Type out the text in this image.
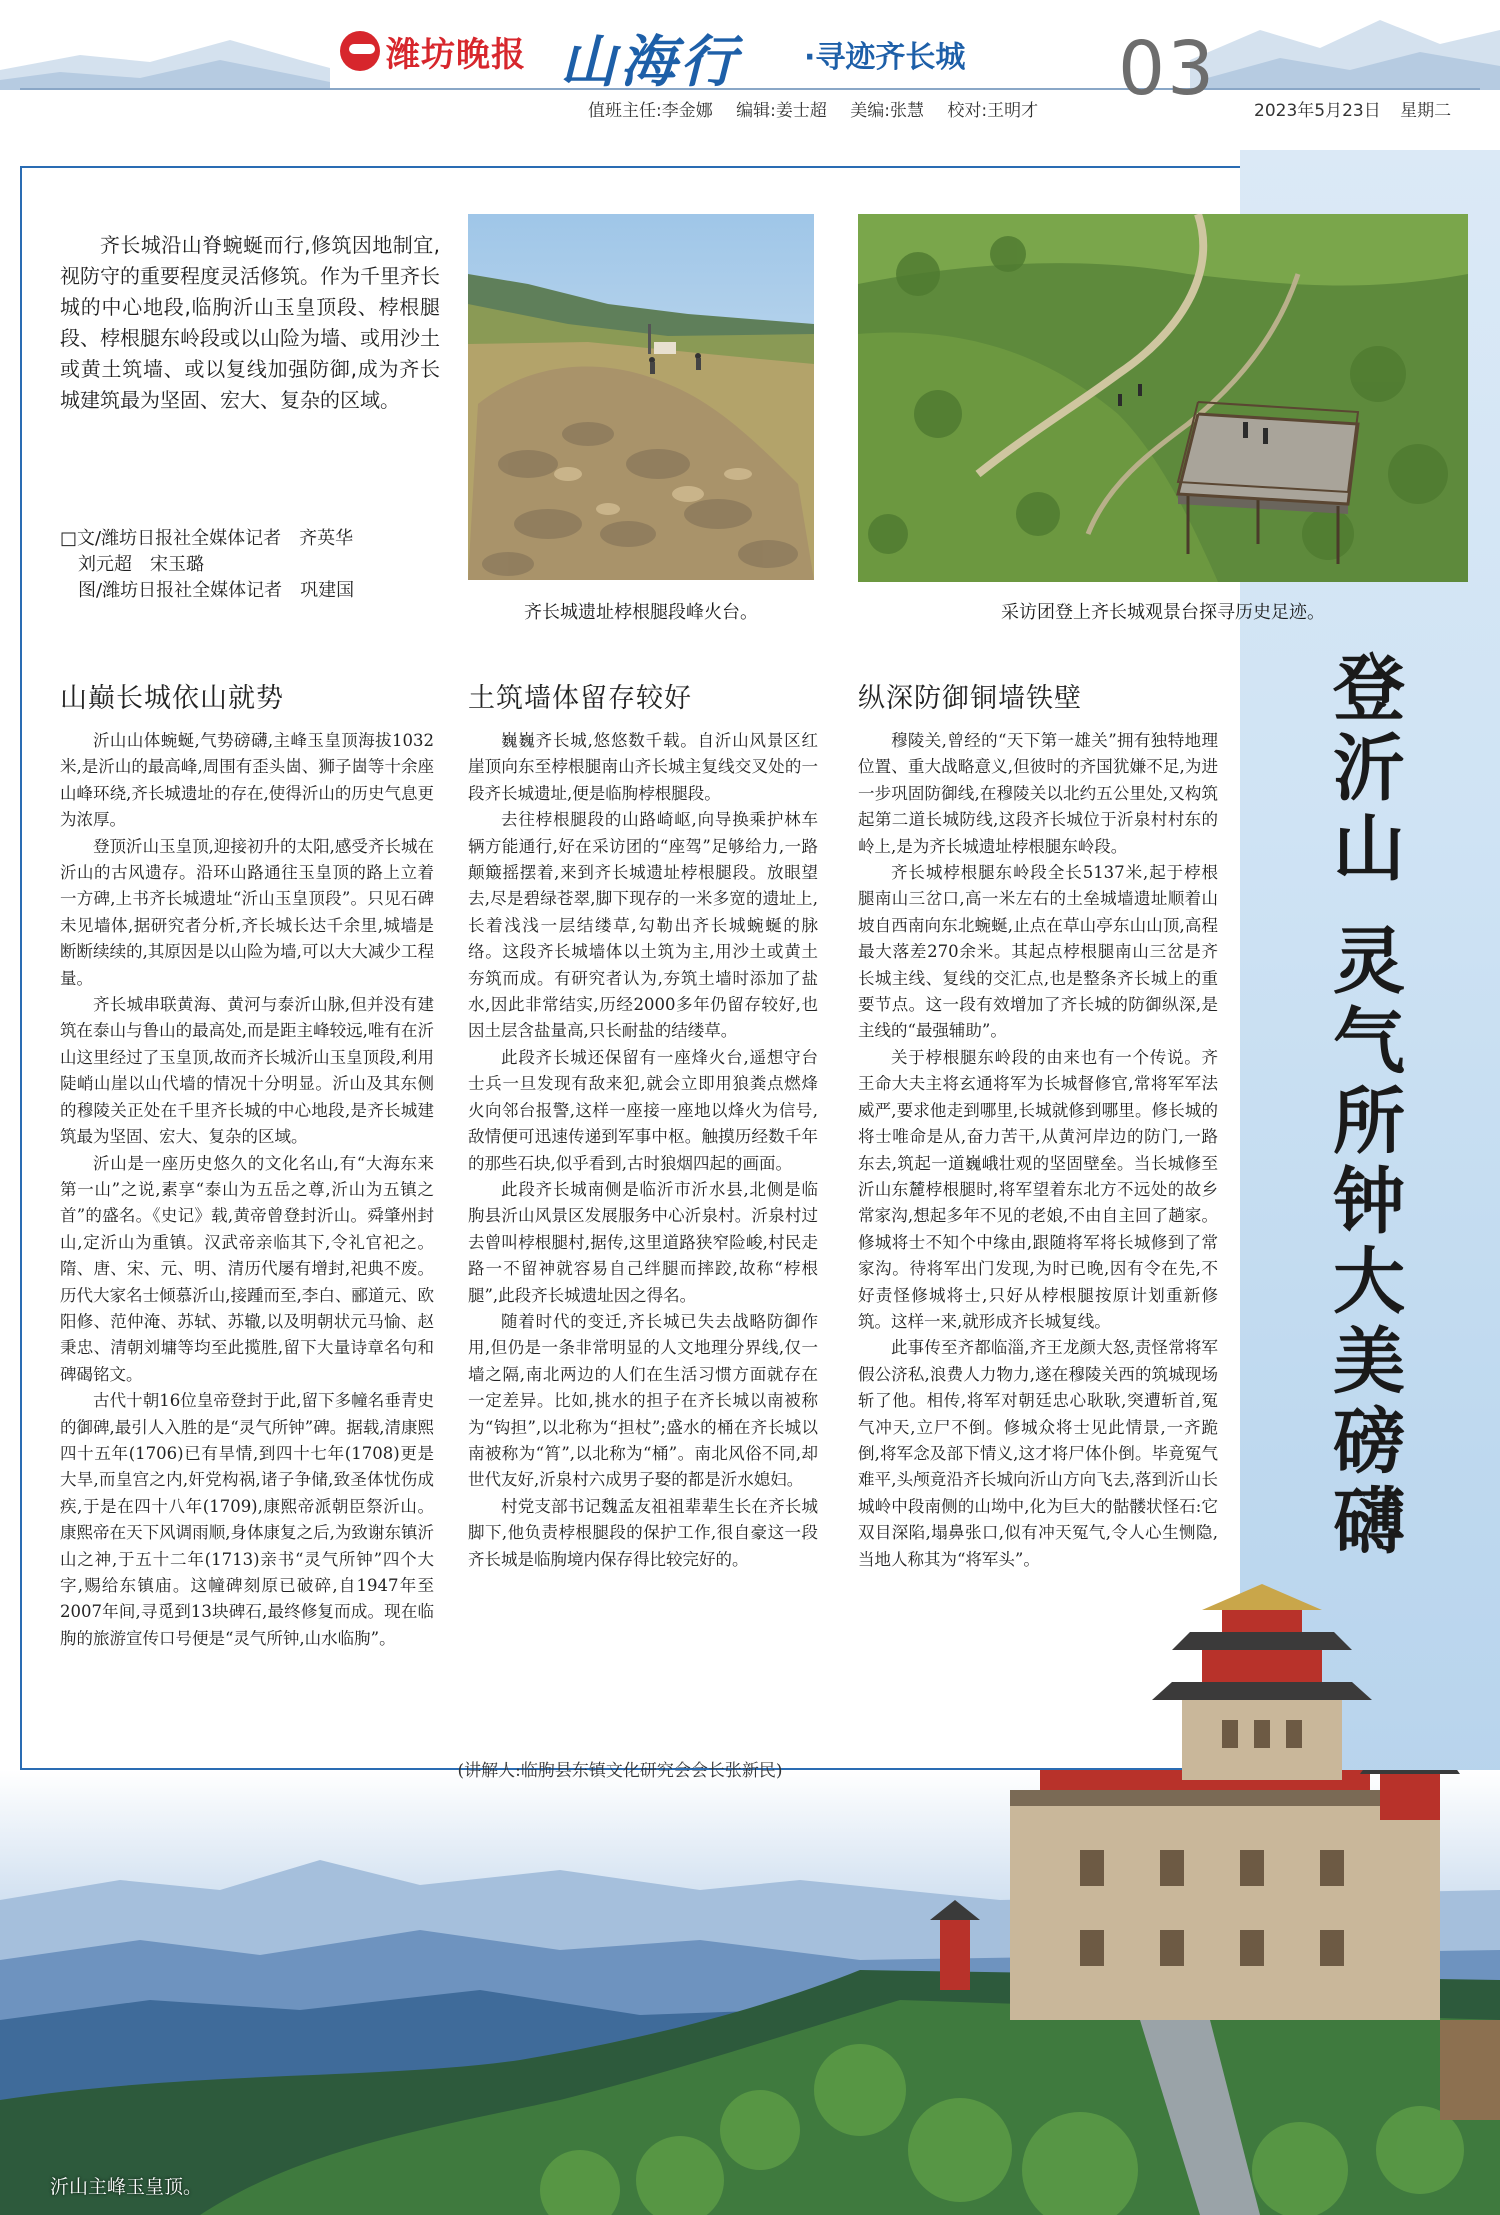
潍坊晚报 山海行 ·寻迹齐长城 03
值班主任:李金娜 编辑:姜士超 美编:张慧 校对:王明才	2023年5月23日 星期二
登沂山 灵气所钟大美磅礴
齐长城沿山脊蜿蜒而行,修筑因地制宜,视防守的重要程度灵活修筑。作为千里齐长城的中心地段,临朐沂山玉皇顶段、桲根腿段、桲根腿东岭段或以山险为墙、或用沙土或黄土筑墙、或以复线加强防御,成为齐长城建筑最为坚固、宏大、复杂的区域。
□文/潍坊日报社全媒体记者　齐英华
刘元超　宋玉璐
图/潍坊日报社全媒体记者　巩建国
齐长城遗址桲根腿段峰火台。	采访团登上齐长城观景台探寻历史足迹。
山巅长城依山就势

沂山山体蜿蜒,气势磅礴,主峰玉皇顶海拔1032米,是沂山的最高峰,周围有歪头崮、狮子崮等十余座山峰环绕,齐长城遗址的存在,使得沂山的历史气息更为浓厚。

登顶沂山玉皇顶,迎接初升的太阳,感受齐长城在沂山的古风遗存。沿环山路通往玉皇顶的路上立着一方碑,上书齐长城遗址“沂山玉皇顶段”。只见石碑未见墙体,据研究者分析,齐长城长达千余里,城墙是断断续续的,其原因是以山险为墙,可以大大减少工程量。

齐长城串联黄海、黄河与泰沂山脉,但并没有建筑在泰山与鲁山的最高处,而是距主峰较远,唯有在沂山这里经过了玉皇顶,故而齐长城沂山玉皇顶段,利用陡峭山崖以山代墙的情况十分明显。沂山及其东侧的穆陵关正处在千里齐长城的中心地段,是齐长城建筑最为坚固、宏大、复杂的区域。

沂山是一座历史悠久的文化名山,有“大海东来第一山”之说,素享“泰山为五岳之尊,沂山为五镇之首”的盛名。《史记》载,黄帝曾登封沂山。舜肇州封山,定沂山为重镇。汉武帝亲临其下,令礼官祀之。隋、唐、宋、元、明、清历代屡有增封,祀典不废。历代大家名士倾慕沂山,接踵而至,李白、郦道元、欧阳修、范仲淹、苏轼、苏辙,以及明朝状元马愉、赵秉忠、清朝刘墉等均至此揽胜,留下大量诗章名句和碑碣铭文。

古代十朝16位皇帝登封于此,留下多幢名垂青史的御碑,最引人入胜的是“灵气所钟”碑。据载,清康熙四十五年(1706)已有旱情,到四十七年(1708)更是大旱,而皇宫之内,奸党构祸,诸子争储,致圣体忧伤成疾,于是在四十八年(1709),康熙帝派朝臣祭沂山。康熙帝在天下风调雨顺,身体康复之后,为致谢东镇沂山之神,于五十二年(1713)亲书“灵气所钟”四个大字,赐给东镇庙。这幢碑刻原已破碎,自1947年至2007年间,寻觅到13块碑石,最终修复而成。现在临朐的旅游宣传口号便是“灵气所钟,山水临朐”。

土筑墙体留存较好

巍巍齐长城,悠悠数千载。自沂山风景区红崖顶向东至桲根腿南山齐长城主复线交叉处的一段齐长城遗址,便是临朐桲根腿段。

去往桲根腿段的山路崎岖,向导换乘护林车辆方能通行,好在采访团的“座驾”足够给力,一路颠簸摇摆着,来到齐长城遗址桲根腿段。放眼望去,尽是碧绿苍翠,脚下现存的一米多宽的遗址上,长着浅浅一层结缕草,勾勒出齐长城蜿蜒的脉络。这段齐长城墙体以土筑为主,用沙土或黄土夯筑而成。有研究者认为,夯筑土墙时添加了盐水,因此非常结实,历经2000多年仍留存较好,也因土层含盐量高,只长耐盐的结缕草。

此段齐长城还保留有一座烽火台,遥想守台士兵一旦发现有敌来犯,就会立即用狼粪点燃烽火向邻台报警,这样一座接一座地以烽火为信号,敌情便可迅速传递到军事中枢。触摸历经数千年的那些石块,似乎看到,古时狼烟四起的画面。

此段齐长城南侧是临沂市沂水县,北侧是临朐县沂山风景区发展服务中心沂泉村。沂泉村过去曾叫桲根腿村,据传,这里道路狭窄险峻,村民走路一不留神就容易自己绊腿而摔跤,故称“桲根腿”,此段齐长城遗址因之得名。

随着时代的变迁,齐长城已失去战略防御作用,但仍是一条非常明显的人文地理分界线,仅一墙之隔,南北两边的人们在生活习惯方面就存在一定差异。比如,挑水的担子在齐长城以南被称为“钩担”,以北称为“担杖”;盛水的桶在齐长城以南被称为“筲”,以北称为“桶”。南北风俗不同,却世代友好,沂泉村六成男子娶的都是沂水媳妇。

村党支部书记魏孟友祖祖辈辈生长在齐长城脚下,他负责桲根腿段的保护工作,很自豪这一段齐长城是临朐境内保存得比较完好的。

纵深防御铜墙铁壁

穆陵关,曾经的“天下第一雄关”拥有独特地理位置、重大战略意义,但彼时的齐国犹嫌不足,为进一步巩固防御线,在穆陵关以北约五公里处,又构筑起第二道长城防线,这段齐长城位于沂泉村村东的岭上,是为齐长城遗址桲根腿东岭段。

齐长城桲根腿东岭段全长5137米,起于桲根腿南山三岔口,高一米左右的土垒城墙遗址顺着山坡自西南向东北蜿蜒,止点在草山亭东山山顶,高程最大落差270余米。其起点桲根腿南山三岔是齐长城主线、复线的交汇点,也是整条齐长城上的重要节点。这一段有效增加了齐长城的防御纵深,是主线的“最强辅助”。

关于桲根腿东岭段的由来也有一个传说。齐王命大夫主将玄通将军为长城督修官,常将军军法威严,要求他走到哪里,长城就修到哪里。修长城的将士唯命是从,奋力苦干,从黄河岸边的防门,一路东去,筑起一道巍峨壮观的坚固壁垒。当长城修至沂山东麓桲根腿时,将军望着东北方不远处的故乡常家沟,想起多年不见的老娘,不由自主回了趟家。修城将士不知个中缘由,跟随将军将长城修到了常家沟。待将军出门发现,为时已晚,因有令在先,不好责怪修城将士,只好从桲根腿按原计划重新修筑。这样一来,就形成齐长城复线。

此事传至齐都临淄,齐王龙颜大怒,责怪常将军假公济私,浪费人力物力,遂在穆陵关西的筑城现场斩了他。相传,将军对朝廷忠心耿耿,突遭斩首,冤气冲天,立尸不倒。修城众将士见此情景,一齐跪倒,将军念及部下情义,这才将尸体仆倒。毕竟冤气难平,头颅竟沿齐长城向沂山方向飞去,落到沂山长城岭中段南侧的山坳中,化为巨大的骷髅状怪石:它双目深陷,塌鼻张口,似有冲天冤气,令人心生恻隐,当地人称其为“将军头”。

(讲解人:临朐县东镇文化研究会会长张新民)
沂山主峰玉皇顶。
